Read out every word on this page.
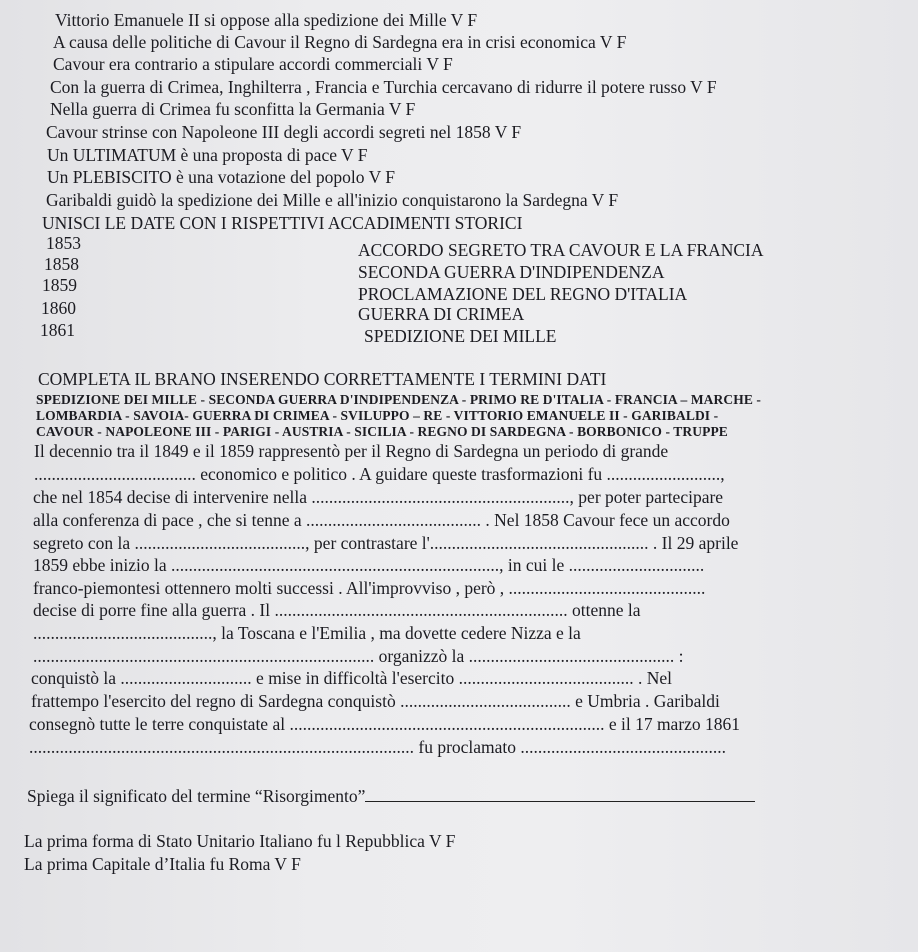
Vittorio Emanuele II si oppose alla spedizione dei Mille V F
A causa delle politiche di Cavour il Regno di Sardegna era in crisi economica V F
Cavour era contrario a stipulare accordi commerciali V F
Con la guerra di Crimea, Inghilterra , Francia e Turchia cercavano di ridurre il potere russo V F
Nella guerra di Crimea fu sconfitta la Germania V F
Cavour strinse con Napoleone III degli accordi segreti nel 1858 V F
Un ULTIMATUM è una proposta di pace V F
Un PLEBISCITO è una votazione del popolo V F
Garibaldi guidò la spedizione dei Mille e all'inizio conquistarono la Sardegna V F
UNISCI LE DATE CON I RISPETTIVI ACCADIMENTI STORICI
1853
1858
1859
1860
1861
ACCORDO SEGRETO TRA CAVOUR E LA FRANCIA
SECONDA GUERRA D'INDIPENDENZA
PROCLAMAZIONE DEL REGNO D'ITALIA
GUERRA DI CRIMEA
SPEDIZIONE DEI MILLE
COMPLETA IL BRANO INSERENDO CORRETTAMENTE I TERMINI DATI
SPEDIZIONE DEI MILLE - SECONDA GUERRA D'INDIPENDENZA - PRIMO RE D'ITALIA - FRANCIA – MARCHE -
LOMBARDIA - SAVOIA- GUERRA DI CRIMEA - SVILUPPO – RE - VITTORIO EMANUELE II - GARIBALDI -
CAVOUR - NAPOLEONE III - PARIGI - AUSTRIA - SICILIA - REGNO DI SARDEGNA - BORBONICO - TRUPPE
Il decennio tra il 1849 e il 1859 rappresentò per il Regno di Sardegna un periodo di grande
..................................... economico e politico . A guidare queste trasformazioni fu ..........................,
che nel 1854 decise di intervenire nella ..........................................................., per poter partecipare
alla conferenza di pace , che si tenne a ........................................ . Nel 1858 Cavour fece un accordo
segreto con la ......................................., per contrastare l'.................................................. . Il 29 aprile
1859 ebbe inizio la ..........................................................................., in cui le ...............................
franco-piemontesi ottennero molti successi . All'improvviso , però , .............................................
decise di porre fine alla guerra . Il ................................................................... ottenne la
........................................., la Toscana e l'Emilia , ma dovette cedere Nizza e la
.............................................................................. organizzò la ............................................... :
conquistò la .............................. e mise in difficoltà l'esercito ........................................ . Nel
frattempo l'esercito del regno di Sardegna conquistò ....................................... e Umbria . Garibaldi
consegnò tutte le terre conquistate al ........................................................................ e il 17 marzo 1861
........................................................................................ fu proclamato ...............................................
Spiega il significato del termine “Risorgimento”
La prima forma di Stato Unitario Italiano fu l Repubblica V F
La prima Capitale d’Italia fu Roma V F
